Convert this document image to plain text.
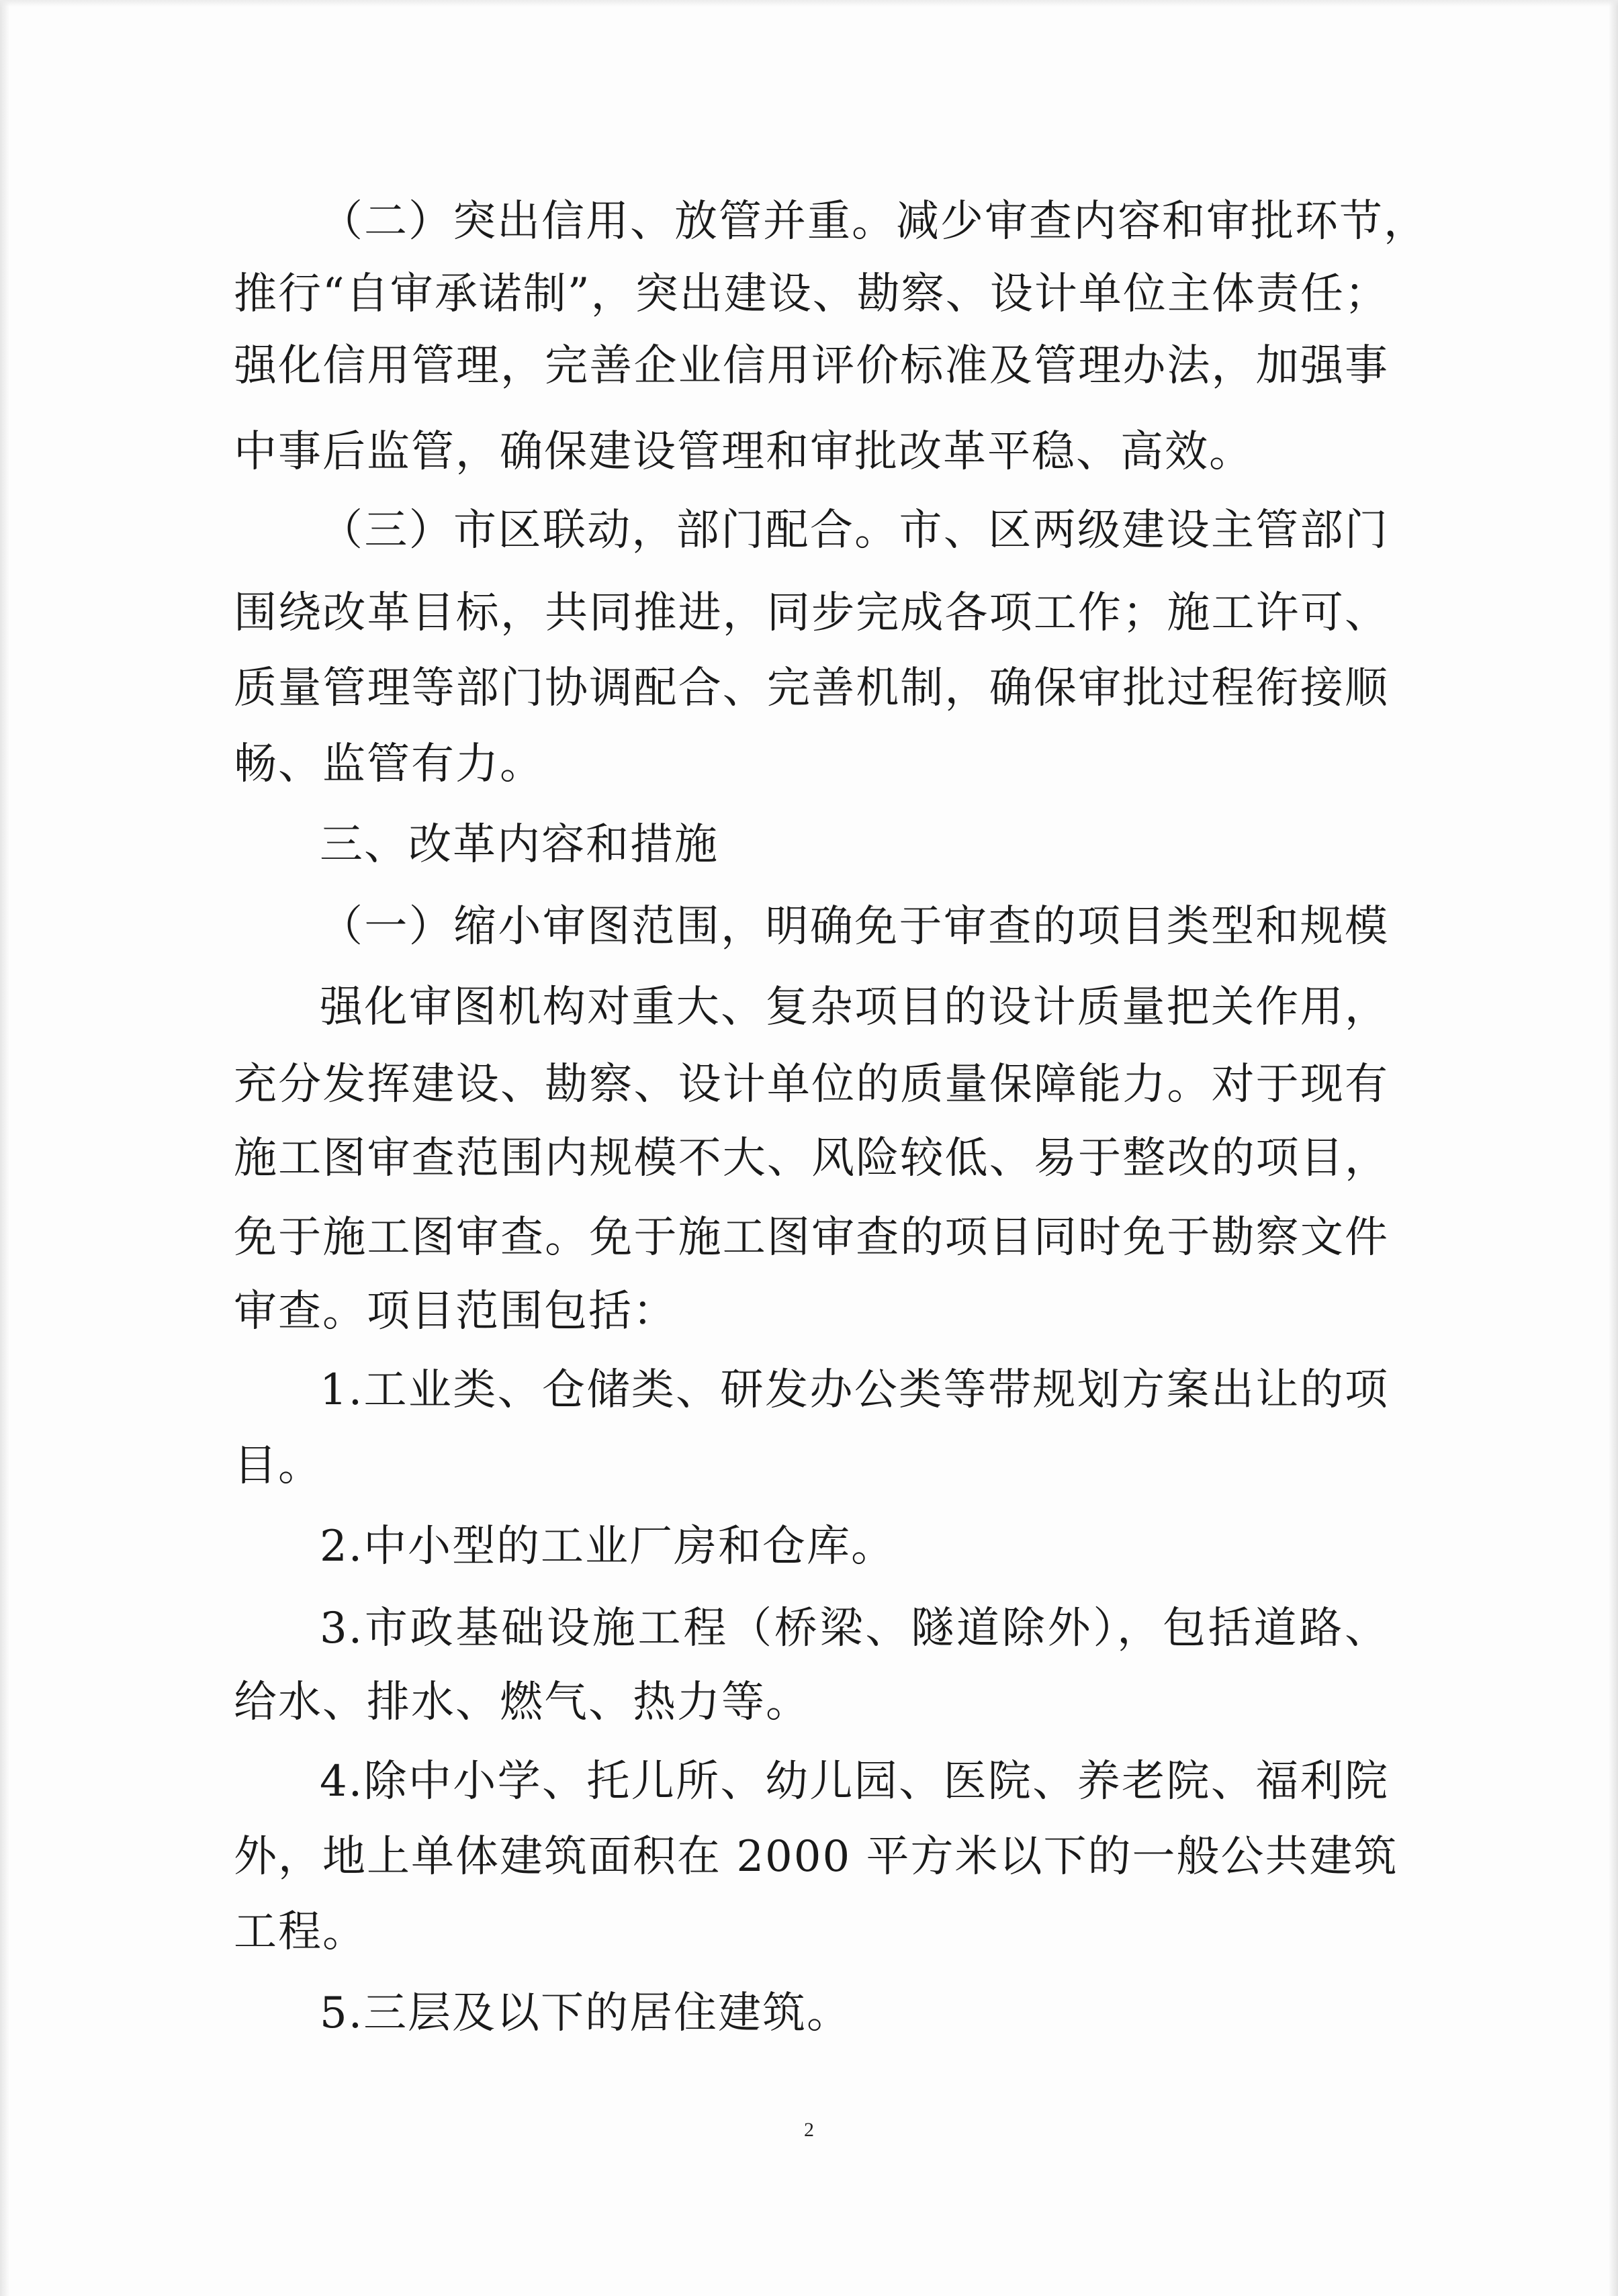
（二）突出信用、放管并重。减少审查内容和审批环节，
推行“自审承诺制”，突出建设、勘察、设计单位主体责任；
强化信用管理，完善企业信用评价标准及管理办法，加强事
中事后监管，确保建设管理和审批改革平稳、高效。
（三）市区联动，部门配合。市、区两级建设主管部门
围绕改革目标，共同推进，同步完成各项工作；施工许可、
质量管理等部门协调配合、完善机制，确保审批过程衔接顺
畅、监管有力。
三、改革内容和措施
（一）缩小审图范围，明确免于审查的项目类型和规模
强化审图机构对重大、复杂项目的设计质量把关作用，
充分发挥建设、勘察、设计单位的质量保障能力。对于现有
施工图审查范围内规模不大、风险较低、易于整改的项目，
免于施工图审查。免于施工图审查的项目同时免于勘察文件
审查。项目范围包括：
1.工业类、仓储类、研发办公类等带规划方案出让的项
目。
2.中小型的工业厂房和仓库。
3.市政基础设施工程（桥梁、隧道除外），包括道路、
给水、排水、燃气、热力等。
4.除中小学、托儿所、幼儿园、医院、养老院、福利院
外，地上单体建筑面积在 2000 平方米以下的一般公共建筑
工程。
5.三层及以下的居住建筑。
2
